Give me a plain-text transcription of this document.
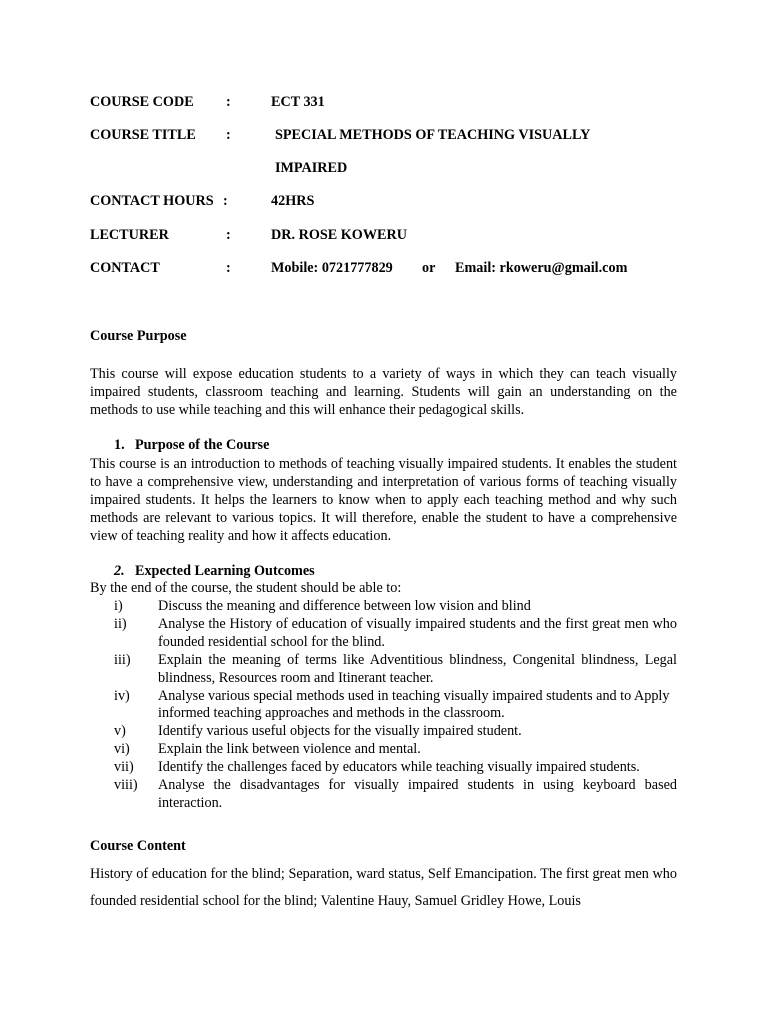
COURSE CODE :	ECT 331
COURSE TITLE :	SPECIAL METHODS OF TEACHING VISUALLY
IMPAIRED
CONTACT HOURS :	42HRS
LECTURER	:	DR. ROSE KOWERU
CONTACT	:	Mobile: 0721777829 or Email: rkoweru@gmail.com
Course Purpose
This course will expose education students to a variety of ways in which they can teach visually impaired students, classroom teaching and learning. Students will gain an understanding on the methods to use while teaching and this will enhance their pedagogical skills.
1. Purpose of the Course
This course is an introduction to methods of teaching visually impaired students. It enables the student to have a comprehensive view, understanding and interpretation of various forms of teaching visually impaired students. It helps the learners to know when to apply each teaching method and why such methods are relevant to various topics. It will therefore, enable the student to have a comprehensive view of teaching reality and how it affects education.
2. Expected Learning Outcomes
By the end of the course, the student should be able to:
i) Discuss the meaning and difference between low vision and blind
ii) Analyse the History of education of visually impaired students and the first great men who founded residential school for the blind.
iii) Explain the meaning of terms like Adventitious blindness, Congenital blindness, Legal blindness, Resources room and Itinerant teacher.
iv) Analyse various special methods used in teaching visually impaired students and to Apply informed teaching approaches and methods in the classroom.
v) Identify various useful objects for the visually impaired student.
vi) Explain the link between violence and mental.
vii) Identify the challenges faced by educators while teaching visually impaired students.
viii) Analyse the disadvantages for visually impaired students in using keyboard based interaction.
Course Content
History of education for the blind; Separation, ward status, Self Emancipation. The first great men who founded residential school for the blind; Valentine Hauy, Samuel Gridley Howe, Louis
